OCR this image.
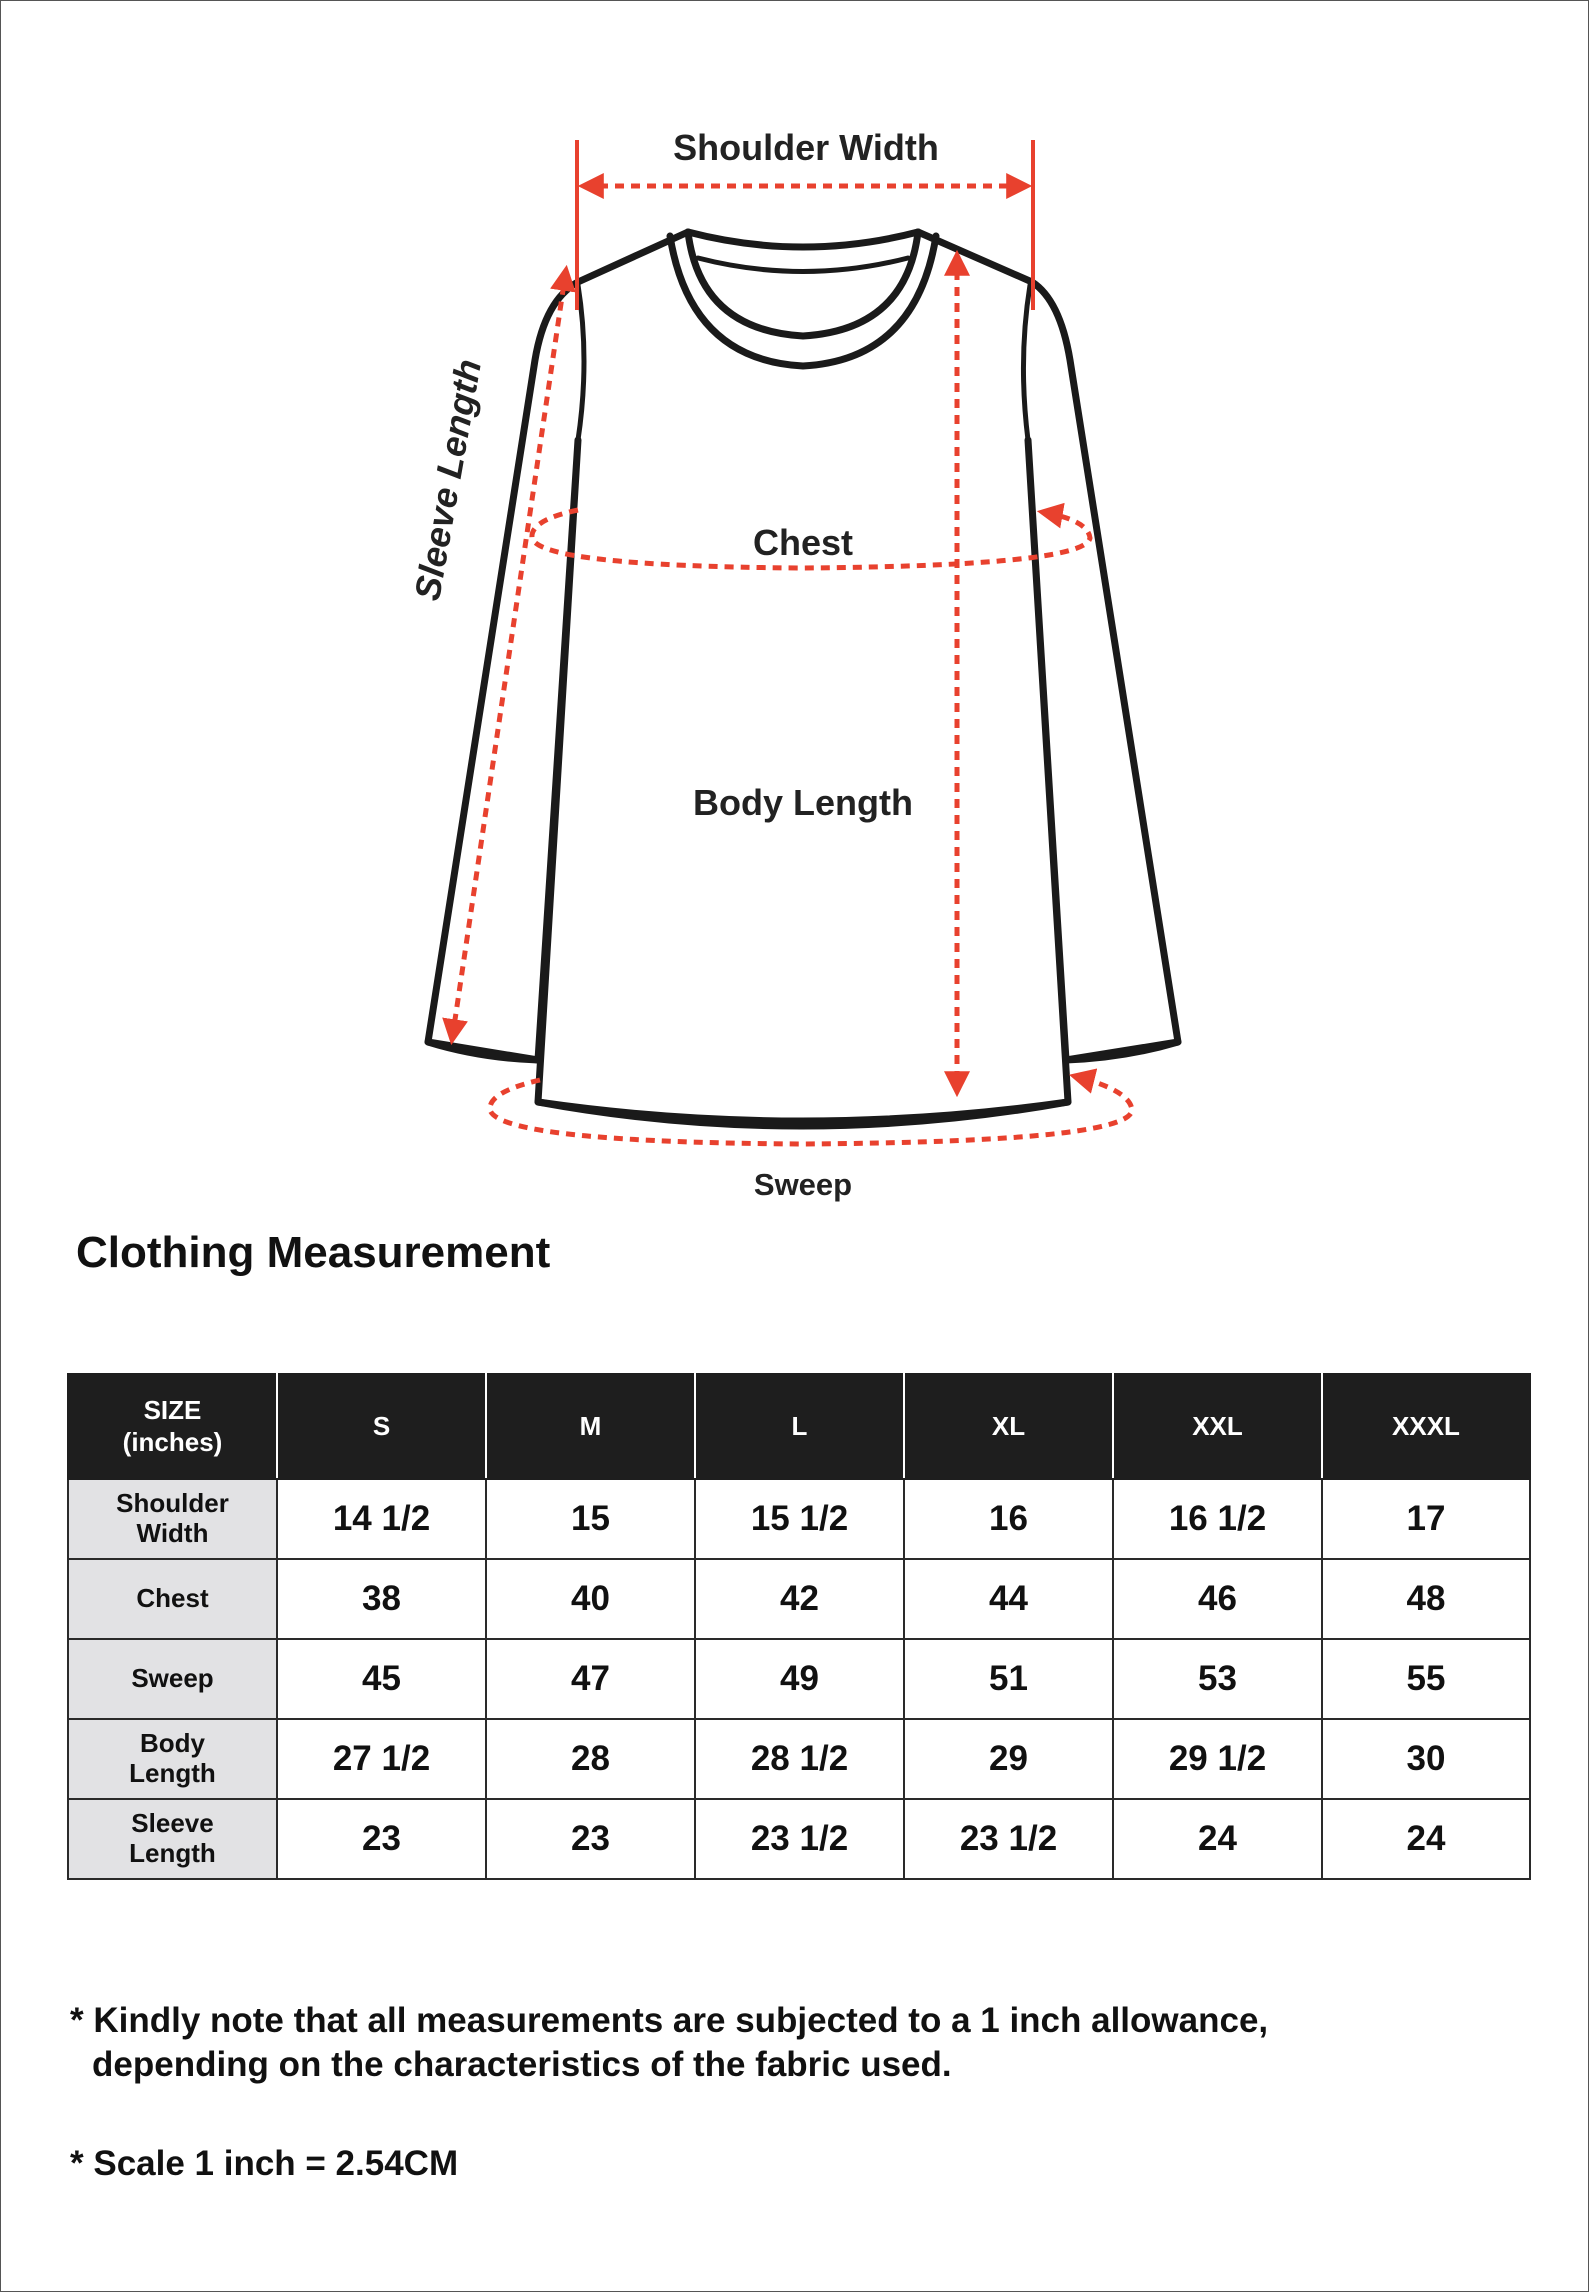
Shoulder Width
Sleeve Length	Chest
Body Length
Sweep
Clothing Measurement
SIZE
(inches)	S	M	L	XL	XXL	XXXL
Shoulder
Width	14 1/2	15	15 1/2	16	16 1/2	17
Chest	38	40	42	44	46	48
Sweep	45	47	49	51	53	55
Body
Length	27 1/2	28	28 1/2	29	29 1/2	30
Sleeve
Length	23	23	23 1/2	23 1/2	24	24

* Kindly note that all measurements are subjected to a 1 inch allowance,
depending on the characteristics of the fabric used.

* Scale 1 inch = 2.54CM
